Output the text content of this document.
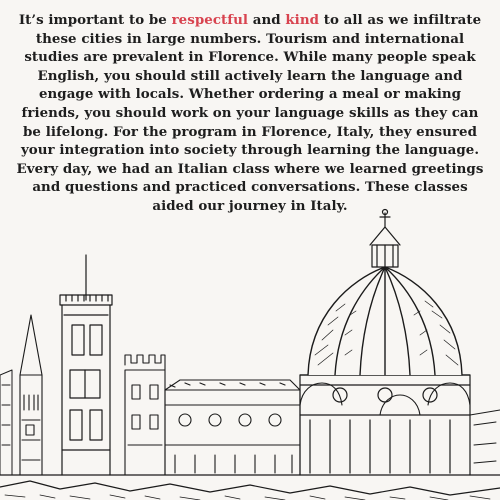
It’s important to be respectful and kind to all as we infiltrate these cities in large numbers. Tourism and international studies are prevalent in Florence. While many people speak English, you should still actively learn the language and engage with locals. Whether ordering a meal or making friends, you should work on your language skills as they can be lifelong. For the program in Florence, Italy, they ensured your integration into society through learning the language. Every day, we had an Italian class where we learned greetings and questions and practiced conversations. These classes aided our journey in Italy.
